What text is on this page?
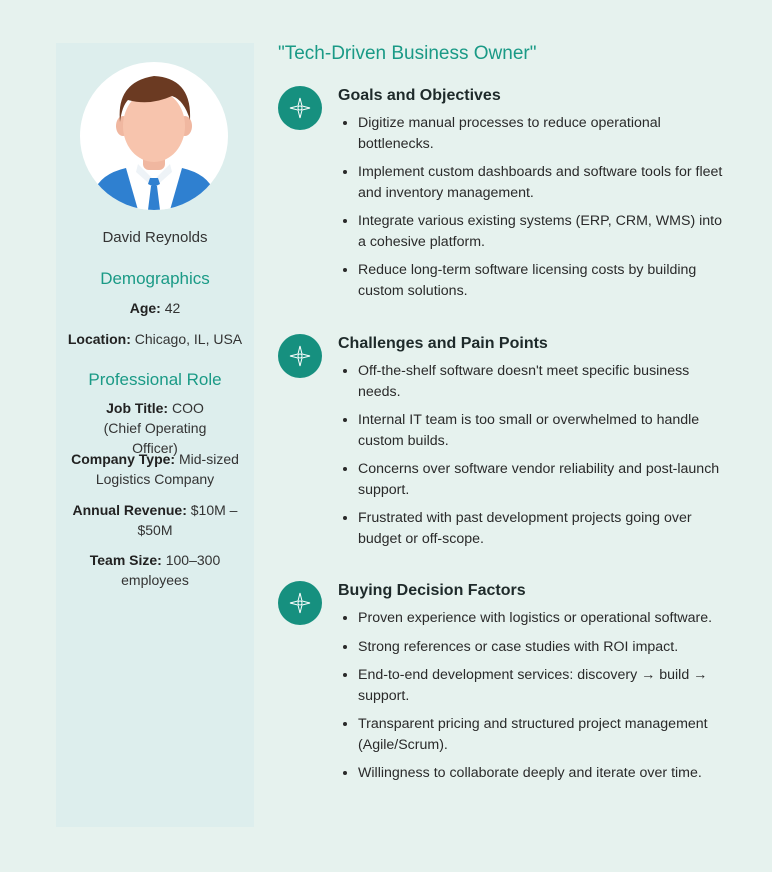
David Reynolds
Demographics
Age: 42
Location: Chicago, IL, USA
Professional Role
Job Title: COO (Chief Operating Officer)
Company Type: Mid-sized Logistics Company
Annual Revenue: $10M – $50M
Team Size: 100–300 employees
"Tech-Driven Business Owner"
Goals and Objectives
• Digitize manual processes to reduce operational bottlenecks.
• Implement custom dashboards and software tools for fleet and inventory management.
• Integrate various existing systems (ERP, CRM, WMS) into a cohesive platform.
• Reduce long-term software licensing costs by building custom solutions.
Challenges and Pain Points
• Off-the-shelf software doesn't meet specific business needs.
• Internal IT team is too small or overwhelmed to handle custom builds.
• Concerns over software vendor reliability and post-launch support.
• Frustrated with past development projects going over budget or off-scope.
Buying Decision Factors
• Proven experience with logistics or operational software.
• Strong references or case studies with ROI impact.
• End-to-end development services: discovery → build → support.
• Transparent pricing and structured project management (Agile/Scrum).
• Willingness to collaborate deeply and iterate over time.
